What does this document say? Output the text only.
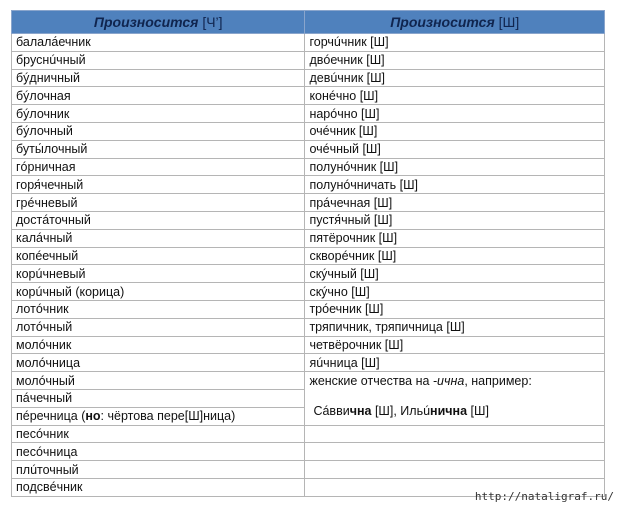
Произносится [Ч’]	Произносится [Ш]
балала́ечник	горчúчник [Ш]
бруснúчный	двóечник [Ш]
бýдничный	девúчник [Ш]
бýлочная	конéчно [Ш]
бýлочник	нарóчно [Ш]
бýлочный	очéчник [Ш]
буты́лочный	очéчный [Ш]
гóрничная	полунóчник [Ш]
горя́чечный	полунóчничать [Ш]
грéчневый	прáчечная [Ш]
достáточный	пустя́чный [Ш]
калáчный	пятёрочник [Ш]
копéечный	скворéчник [Ш]
корúчневый	скýчный [Ш]
корúчный (корица)	скýчно [Ш]
лотóчник	трóечник [Ш]
лотóчный	тряпичник, тряпичница [Ш]
молóчник	четвёрочник [Ш]
молóчница	яúчница [Ш]
молóчный	женские отчества на -ична, например:
Сáввична [Ш], Ильúнична [Ш]

пáчечный	
пéречница (но: чёртова пере[Ш]ница)	
песóчник	
песóчница	
плúточный	
подсвéчник	
http://nataligraf.ru/
